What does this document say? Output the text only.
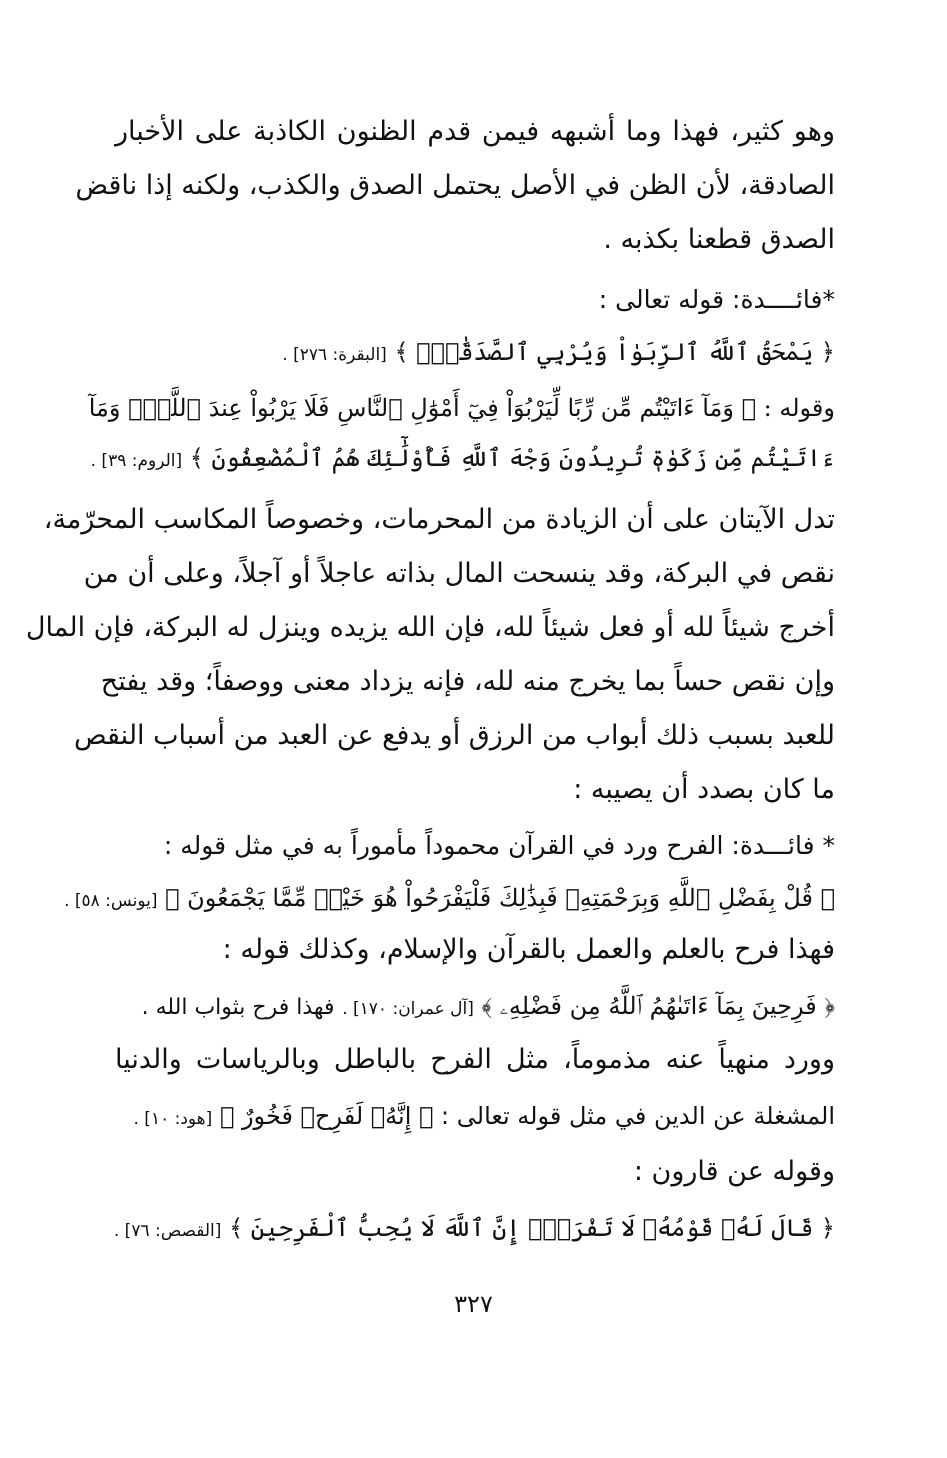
وهو كثير، فهذا وما أشبهه فيمن قدم الظنون الكاذبة على الأخبار
الصادقة، لأن الظن في الأصل يحتمل الصدق والكذب، ولكنه إذا ناقض
الصدق قطعنا بكذبه .
*فائــــدة: قوله تعالى :
﴿ يَمْحَقُ ٱللَّهُ ٱلرِّبَوٰاْ وَيُرْبِي ٱلصَّدَقَٰتِۗ ﴾ [البقرة: ٢٧٦] .
وقوله : ﴿ وَمَآ ءَاتَيْتُم مِّن رِّبًا لِّيَرْبُوَاْ فِيٓ أَمْوَٰلِ ٱلنَّاسِ فَلَا يَرْبُواْ عِندَ ٱللَّهِۖ وَمَآ
ءَاتَيْتُم مِّن زَكَوٰةٖ تُرِيدُونَ وَجْهَ ٱللَّهِ فَأُوْلَٰٓئِكَ هُمُ ٱلْمُضْعِفُونَ ﴾ [الروم: ٣٩] .
تدل الآيتان على أن الزيادة من المحرمات، وخصوصاً المكاسب المحرّمة،
نقص في البركة، وقد ينسحت المال بذاته عاجلاً أو آجلاً، وعلى أن من
أخرج شيئاً لله أو فعل شيئاً لله، فإن الله يزيده وينزل له البركة، فإن المال
وإن نقص حساً بما يخرج منه لله، فإنه يزداد معنى ووصفاً؛ وقد يفتح
للعبد بسبب ذلك أبواب من الرزق أو يدفع عن العبد من أسباب النقص
ما كان بصدد أن يصيبه :
* فائـــدة: الفرح ورد في القرآن محموداً مأموراً به في مثل قوله :
﴿ قُلْ بِفَضْلِ ٱللَّهِ وَبِرَحْمَتِهِۦ فَبِذَٰلِكَ فَلْيَفْرَحُواْ هُوَ خَيْرٞ مِّمَّا يَجْمَعُونَ ﴾ [يونس: ٥٨] .
فهذا فرح بالعلم والعمل بالقرآن والإسلام، وكذلك قوله :
﴿ فَرِحِينَ بِمَآ ءَاتَىٰهُمُ ٱللَّهُ مِن فَضْلِهِۦ ﴾ [آل عمران: ١٧٠] . فهذا فرح بثواب الله .
وورد منهياً عنه مذموماً، مثل الفرح بالباطل وبالرياسات والدنيا
المشغلة عن الدين في مثل قوله تعالى : ﴿ إِنَّهُۥ لَفَرِحٞ فَخُورٌ ﴾ [هود: ١٠] .
وقوله عن قارون :
﴿ قَالَ لَهُۥ قَوْمُهُۥ لَا تَفْرَحْۖ إِنَّ ٱللَّهَ لَا يُحِبُّ ٱلْفَرِحِينَ ﴾ [القصص: ٧٦] .
٣٢٧
